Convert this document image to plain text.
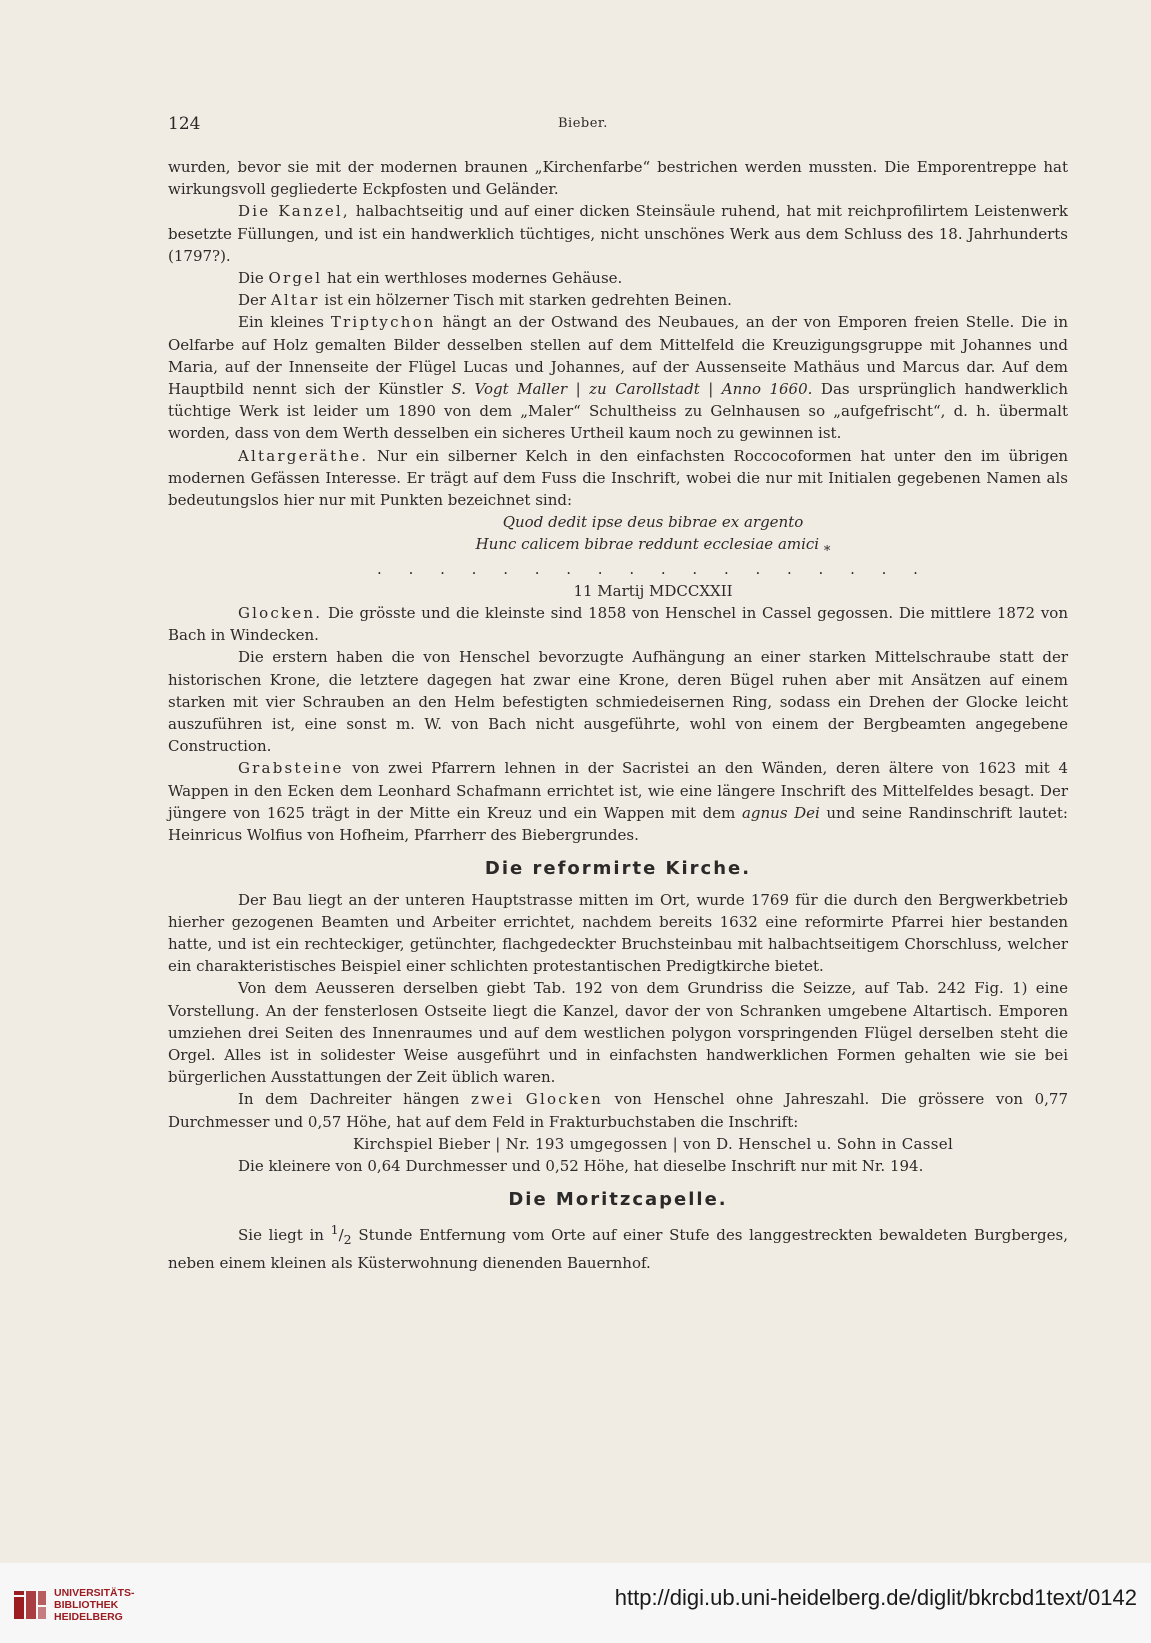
124	Bieber.

wurden, bevor sie mit der modernen braunen „Kirchenfarbe“ bestrichen werden mussten. Die Emporentreppe hat wirkungsvoll gegliederte Eckpfosten und Geländer.

Die Kanzel, halbachtseitig und auf einer dicken Steinsäule ruhend, hat mit reichprofilirtem Leistenwerk besetzte Füllungen, und ist ein handwerklich tüchtiges, nicht unschönes Werk aus dem Schluss des 18. Jahrhunderts (1797?).

Die Orgel hat ein werthloses modernes Gehäuse.

Der Altar ist ein hölzerner Tisch mit starken gedrehten Beinen.

Ein kleines Triptychon hängt an der Ostwand des Neubaues, an der von Emporen freien Stelle. Die in Oelfarbe auf Holz gemalten Bilder desselben stellen auf dem Mittelfeld die Kreuzigungsgruppe mit Johannes und Maria, auf der Innenseite der Flügel Lucas und Johannes, auf der Aussenseite Mathäus und Marcus dar. Auf dem Hauptbild nennt sich der Künstler S. Vogt Maller | zu Carollstadt | Anno 1660. Das ursprünglich handwerklich tüchtige Werk ist leider um 1890 von dem „Maler“ Schultheiss zu Gelnhausen so „aufgefrischt“, d. h. übermalt worden, dass von dem Werth desselben ein sicheres Urtheil kaum noch zu gewinnen ist.

Altargeräthe. Nur ein silberner Kelch in den einfachsten Roccocoformen hat unter den im übrigen modernen Gefässen Interesse. Er trägt auf dem Fuss die Inschrift, wobei die nur mit Initialen gegebenen Namen als bedeutungslos hier nur mit Punkten bezeichnet sind:

Quod dedit ipse deus bibrae ex argento

Hunc calicem bibrae reddunt ecclesiae amici *

. . . . . . . . . . . . . . . . . .

11 Martij MDCCXXII

Glocken. Die grösste und die kleinste sind 1858 von Henschel in Cassel gegossen. Die mittlere 1872 von Bach in Windecken.

Die erstern haben die von Henschel bevorzugte Aufhängung an einer starken Mittelschraube statt der historischen Krone, die letztere dagegen hat zwar eine Krone, deren Bügel ruhen aber mit Ansätzen auf einem starken mit vier Schrauben an den Helm befestigten schmiedeisernen Ring, sodass ein Drehen der Glocke leicht auszuführen ist, eine sonst m. W. von Bach nicht ausgeführte, wohl von einem der Bergbeamten angegebene Construction.

Grabsteine von zwei Pfarrern lehnen in der Sacristei an den Wänden, deren ältere von 1623 mit 4 Wappen in den Ecken dem Leonhard Schafmann errichtet ist, wie eine längere Inschrift des Mittelfeldes besagt. Der jüngere von 1625 trägt in der Mitte ein Kreuz und ein Wappen mit dem agnus Dei und seine Randinschrift lautet: Heinricus Wolfius von Hofheim, Pfarrherr des Biebergrundes.

Die reformirte Kirche.

Der Bau liegt an der unteren Hauptstrasse mitten im Ort, wurde 1769 für die durch den Bergwerkbetrieb hierher gezogenen Beamten und Arbeiter errichtet, nachdem bereits 1632 eine reformirte Pfarrei hier bestanden hatte, und ist ein rechteckiger, getünchter, flachgedeckter Bruchsteinbau mit halbachtseitigem Chorschluss, welcher ein charakteristisches Beispiel einer schlichten protestantischen Predigtkirche bietet.

Von dem Aeusseren derselben giebt Tab. 192 von dem Grundriss die Seizze, auf Tab. 242 Fig. 1) eine Vorstellung. An der fensterlosen Ostseite liegt die Kanzel, davor der von Schranken umgebene Altartisch. Emporen umziehen drei Seiten des Innenraumes und auf dem westlichen polygon vorspringenden Flügel derselben steht die Orgel. Alles ist in solidester Weise ausgeführt und in einfachsten handwerklichen Formen gehalten wie sie bei bürgerlichen Ausstattungen der Zeit üblich waren.

In dem Dachreiter hängen zwei Glocken von Henschel ohne Jahreszahl. Die grössere von 0,77 Durchmesser und 0,57 Höhe, hat auf dem Feld in Frakturbuchstaben die Inschrift:

Kirchspiel Bieber | Nr. 193 umgegossen | von D. Henschel u. Sohn in Cassel

Die kleinere von 0,64 Durchmesser und 0,52 Höhe, hat dieselbe Inschrift nur mit Nr. 194.

Die Moritzcapelle.

Sie liegt in $^1/_2$ Stunde Entfernung vom Orte auf einer Stufe des langgestreckten bewaldeten Burgberges, neben einem kleinen als Küsterwohnung dienenden Bauernhof.

UNIVERSITÄTS-
BIBLIOTHEK
HEIDELBERG
http://digi.ub.uni-heidelberg.de/diglit/bkrcbd1text/0142
